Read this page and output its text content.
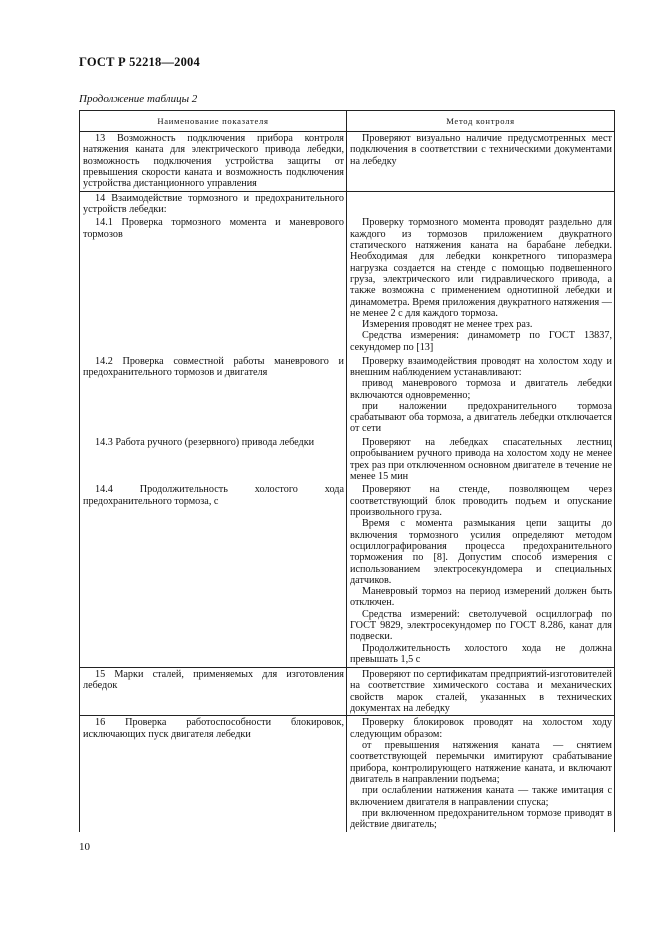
ГОСТ Р 52218—2004
Продолжение таблицы 2
Наименование показателя	Метод контроля

13 Возможность подключения прибора контроля натяжения каната для электрического привода лебедки, возможность подключения устройства защиты от превышения скорости каната и возможность подключения устройства дистанционного управления	Проверяют визуально наличие предусмотренных мест подключения в соответствии с техническими документами на лебедку

14 Взаимодействие тормозного и предохранительного устройств лебедки:	

14.1 Проверка тормозного момента и маневрового тормозов	Проверку тормозного момента проводят раздельно для каждого из тормозов приложением двукратного статического натяжения каната на барабане лебедки. Необходимая для лебедки конкретного типоразмера нагрузка создается на стенде с помощью подвешенного груза, электрического или гидравлического привода, а также возможна с применением однотипной лебедки и динамометра. Время приложения двукратного натяжения — не менее 2 с для каждого тормоза.

Измерения проводят не менее трех раз.

Средства измерения: динамометр по ГОСТ 13837, секундомер по [13]

14.2 Проверка совместной работы маневрового и предохранительного тормозов и двигателя	Проверку взаимодействия проводят на холостом ходу и внешним наблюдением устанавливают:

привод маневрового тормоза и двигатель лебедки включаются одновременно;

при наложении предохранительного тормоза срабатывают оба тормоза, а двигатель лебедки отключается от сети

14.3 Работа ручного (резервного) привода лебедки	Проверяют на лебедках спасательных лестниц опробыванием ручного привода на холостом ходу не менее трех раз при отключенном основном двигателе в течение не менее 15 мин

14.4 Продолжительность холостого хода предохранительного тормоза, с	Проверяют на стенде, позволяющем через соответствующий блок проводить подъем и опускание произвольного груза.

Время с момента размыкания цепи защиты до включения тормозного усилия определяют методом осциллографирования процесса предохранительного торможения по [8]. Допустим способ измерения с использованием электросекундомера и специальных датчиков.

Маневровый тормоз на период измерений должен быть отключен.

Средства измерений: светолучевой осциллограф по ГОСТ 9829, электросекундомер по ГОСТ 8.286, канат для подвески.

Продолжительность холостого хода не должна превышать 1,5 с

15 Марки сталей, применяемых для изготовления лебедок	Проверяют по сертификатам предприятий-изготовителей на соответствие химического состава и механических свойств марок сталей, указанных в технических документах на лебедку

16 Проверка работоспособности блокировок, исключающих пуск двигателя лебедки	Проверку блокировок проводят на холостом ходу следующим образом:

от превышения натяжения каната — снятием соответствующей перемычки имитируют срабатывание прибора, контролирующего натяжение каната, и включают двигатель в направлении подъема;

при ослаблении натяжения каната — также имитация с включением двигателя в направлении спуска;

при включенном предохранительном тормозе приводят в действие двигатель;

10
